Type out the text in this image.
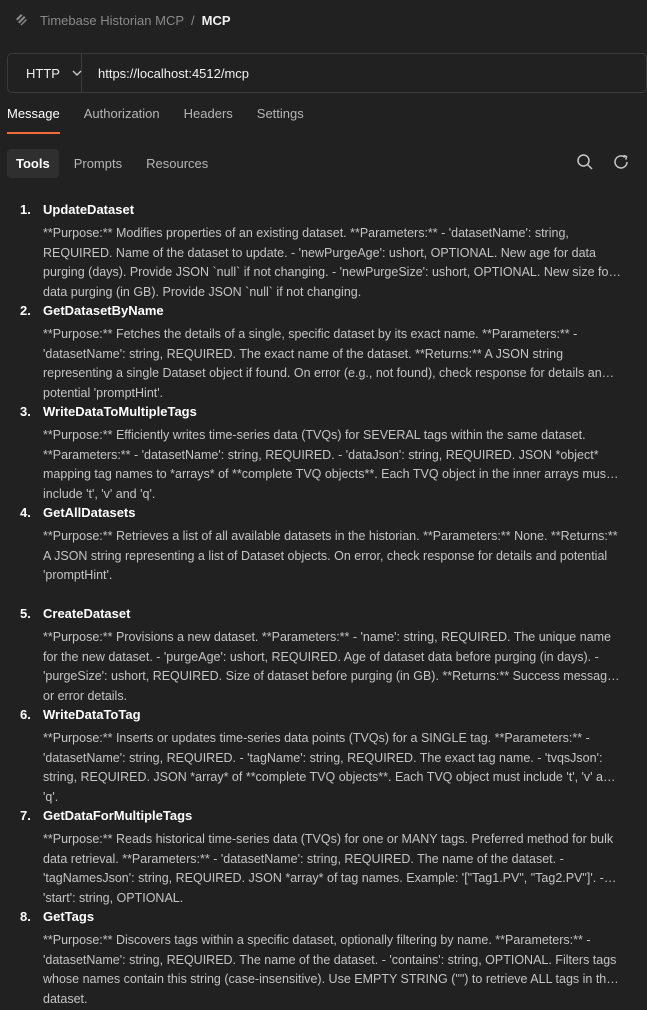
Timebase Historian MCP / MCP
HTTP	https://localhost:4512/mcp
Message Authorization Headers Settings
Tools	Prompts	Resources
1. UpdateDataset
**Purpose:** Modifies properties of an existing dataset. **Parameters:** - 'datasetName': string, REQUIRED. Name of the dataset to update. - 'newPurgeAge': ushort, OPTIONAL. New age for data purging (days). Provide JSON `null` if not changing. - 'newPurgeSize': ushort, OPTIONAL. New size for data purging (in GB). Provide JSON `null` if not changing.
2. GetDatasetByName
**Purpose:** Fetches the details of a single, specific dataset by its exact name. **Parameters:** - 'datasetName': string, REQUIRED. The exact name of the dataset. **Returns:** A JSON string representing a single Dataset object if found. On error (e.g., not found), check response for details and potential 'promptHint'.
3. WriteDataToMultipleTags
**Purpose:** Efficiently writes time-series data (TVQs) for SEVERAL tags within the same dataset. **Parameters:** - 'datasetName': string, REQUIRED. - 'dataJson': string, REQUIRED. JSON *object* mapping tag names to *arrays* of **complete TVQ objects**. Each TVQ object in the inner arrays must include 't', 'v' and 'q'.
4. GetAllDatasets
**Purpose:** Retrieves a list of all available datasets in the historian. **Parameters:** None. **Returns:** A JSON string representing a list of Dataset objects. On error, check response for details and potential 'promptHint'.
5. CreateDataset
**Purpose:** Provisions a new dataset. **Parameters:** - 'name': string, REQUIRED. The unique name for the new dataset. - 'purgeAge': ushort, REQUIRED. Age of dataset data before purging (in days). - 'purgeSize': ushort, REQUIRED. Size of dataset before purging (in GB). **Returns:** Success message or error details.
6. WriteDataToTag
**Purpose:** Inserts or updates time-series data points (TVQs) for a SINGLE tag. **Parameters:** - 'datasetName': string, REQUIRED. - 'tagName': string, REQUIRED. The exact tag name. - 'tvqsJson': string, REQUIRED. JSON *array* of **complete TVQ objects**. Each TVQ object must include 't', 'v' and 'q'.
7. GetDataForMultipleTags
**Purpose:** Reads historical time-series data (TVQs) for one or MANY tags. Preferred method for bulk data retrieval. **Parameters:** - 'datasetName': string, REQUIRED. The name of the dataset. - 'tagNamesJson': string, REQUIRED. JSON *array* of tag names. Example: '["Tag1.PV", "Tag2.PV"]'. - 'start': string, OPTIONAL.
8. GetTags
**Purpose:** Discovers tags within a specific dataset, optionally filtering by name. **Parameters:** - 'datasetName': string, REQUIRED. The name of the dataset. - 'contains': string, OPTIONAL. Filters tags whose names contain this string (case-insensitive). Use EMPTY STRING ("") to retrieve ALL tags in the dataset.
